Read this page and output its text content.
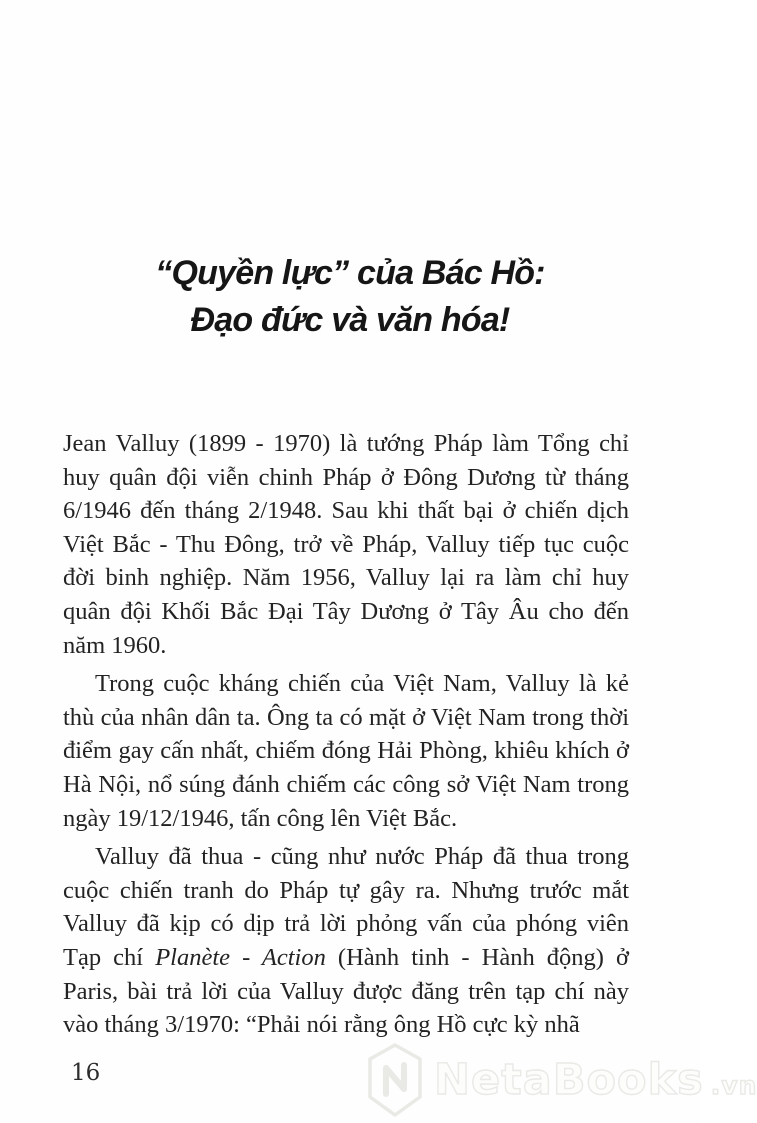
“Quyền lực” của Bác Hồ:
Đạo đức và văn hóa!

Jean Valluy (1899 - 1970) là tướng Pháp làm Tổng chỉ huy quân đội viễn chinh Pháp ở Đông Dương từ tháng 6/1946 đến tháng 2/1948. Sau khi thất bại ở chiến dịch Việt Bắc - Thu Đông, trở về Pháp, Valluy tiếp tục cuộc đời binh nghiệp. Năm 1956, Valluy lại ra làm chỉ huy quân đội Khối Bắc Đại Tây Dương ở Tây Âu cho đến năm 1960.

Trong cuộc kháng chiến của Việt Nam, Valluy là kẻ thù của nhân dân ta. Ông ta có mặt ở Việt Nam trong thời điểm gay cấn nhất, chiếm đóng Hải Phòng, khiêu khích ở Hà Nội, nổ súng đánh chiếm các công sở Việt Nam trong ngày 19/12/1946, tấn công lên Việt Bắc.

Valluy đã thua - cũng như nước Pháp đã thua trong cuộc chiến tranh do Pháp tự gây ra. Nhưng trước mắt Valluy đã kịp có dịp trả lời phỏng vấn của phóng viên Tạp chí Planète - Action (Hành tinh - Hành động) ở Paris, bài trả lời của Valluy được đăng trên tạp chí này vào tháng 3/1970: “Phải nói rằng ông Hồ cực kỳ nhã

16	NetaBooks .vn
